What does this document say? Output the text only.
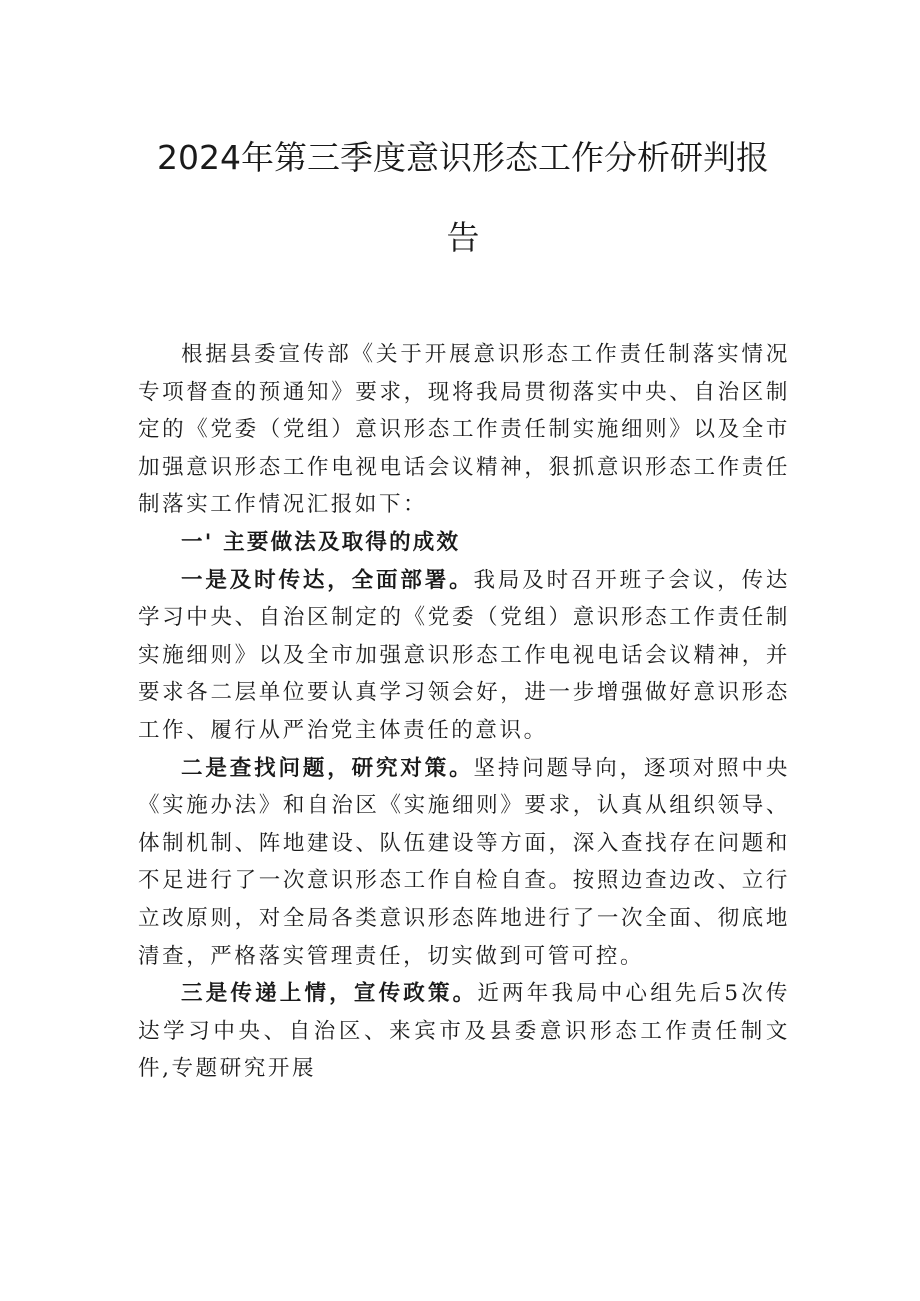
2024年第三季度意识形态工作分析研判报
告

根据县委宣传部《关于开展意识形态工作责任制落实情况专项督查的预通知》要求，现将我局贯彻落实中央、自治区制定的《党委（党组）意识形态工作责任制实施细则》以及全市加强意识形态工作电视电话会议精神，狠抓意识形态工作责任制落实工作情况汇报如下：

一' 主要做法及取得的成效

一是及时传达，全面部署。我局及时召开班子会议，传达学习中央、自治区制定的《党委（党组）意识形态工作责任制实施细则》以及全市加强意识形态工作电视电话会议精神，并要求各二层单位要认真学习领会好，进一步增强做好意识形态工作、履行从严治党主体责任的意识。

二是查找问题，研究对策。坚持问题导向，逐项对照中央《实施办法》和自治区《实施细则》要求，认真从组织领导、体制机制、阵地建设、队伍建设等方面，深入查找存在问题和不足进行了一次意识形态工作自检自查。按照边查边改、立行立改原则，对全局各类意识形态阵地进行了一次全面、彻底地清查，严格落实管理责任，切实做到可管可控。

三是传递上情，宣传政策。近两年我局中心组先后5次传达学习中央、自治区、来宾市及县委意识形态工作责任制文件,专题研究开展
